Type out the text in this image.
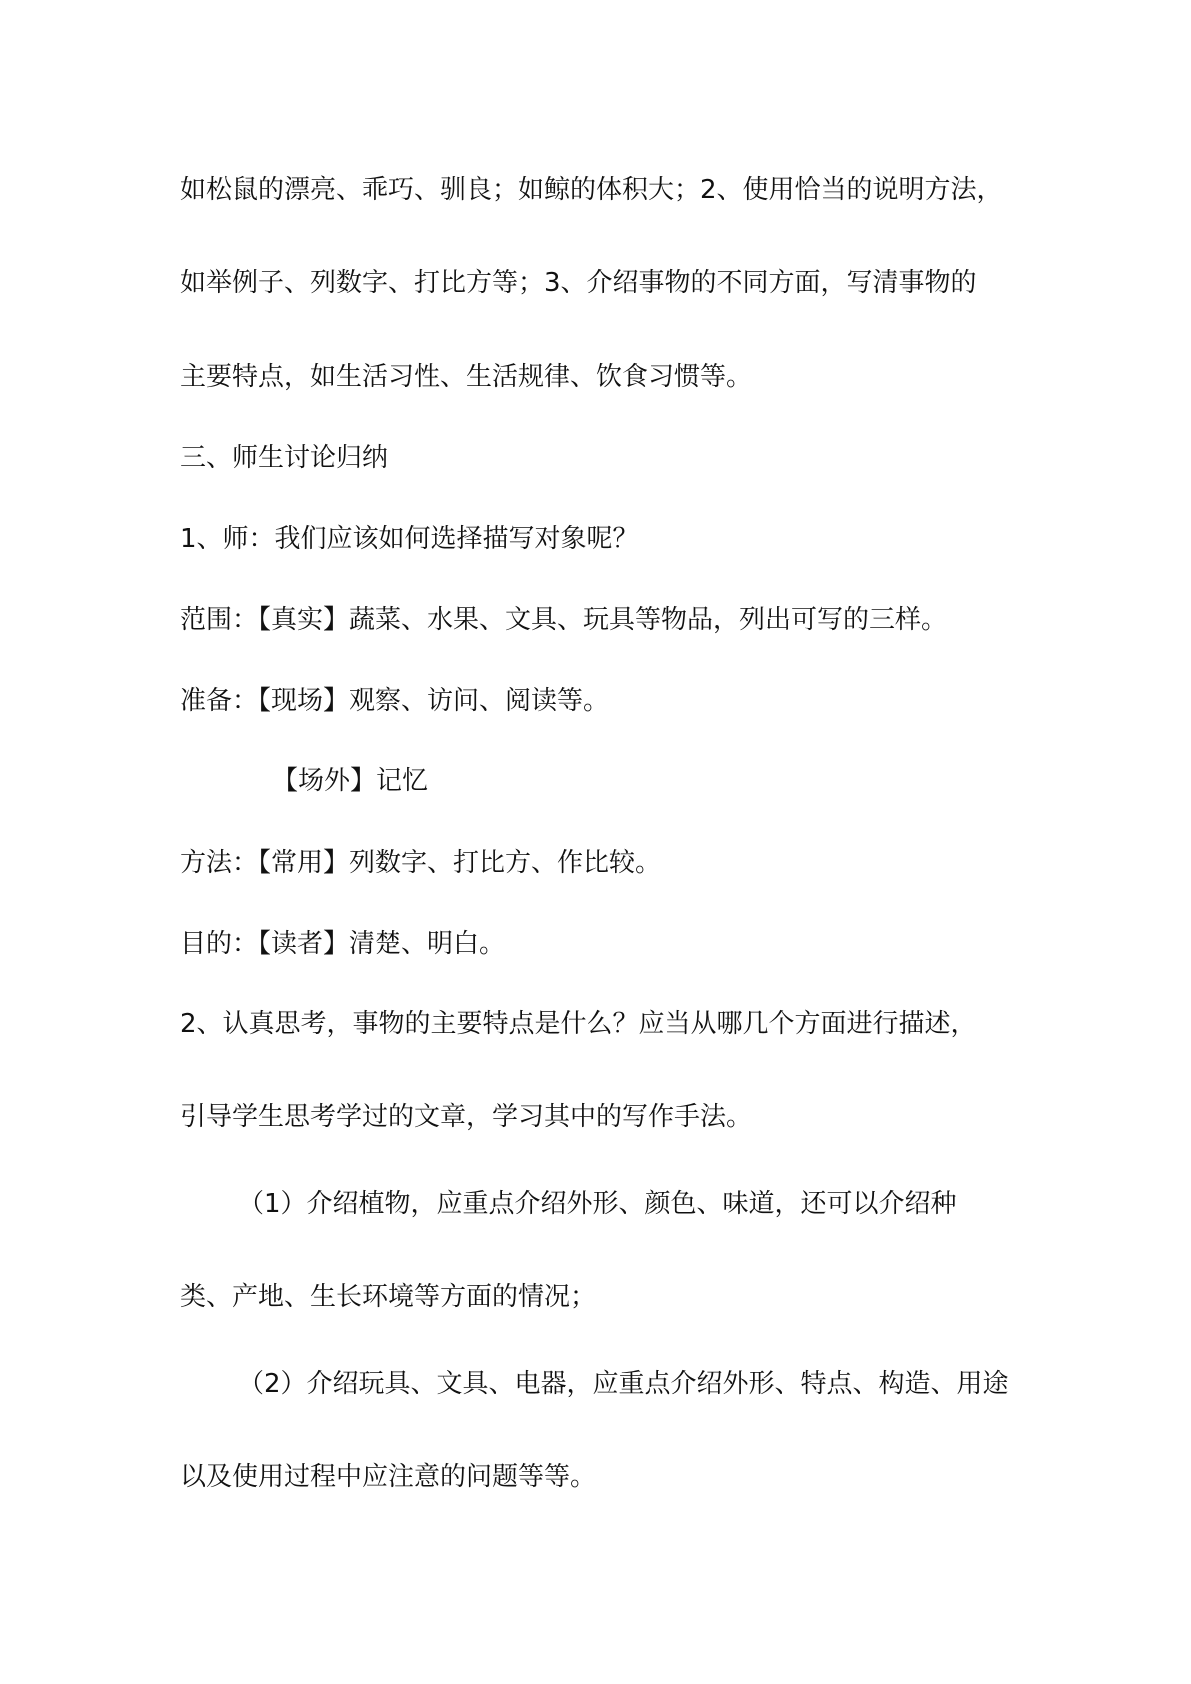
如松鼠的漂亮、乖巧、驯良；如鲸的体积大；2、使用恰当的说明方法，
如举例子、列数字、打比方等；3、介绍事物的不同方面，写清事物的
主要特点，如生活习性、生活规律、饮食习惯等。
三、师生讨论归纳
1、师：我们应该如何选择描写对象呢？
范围：【真实】蔬菜、水果、文具、玩具等物品，列出可写的三样。
准备：【现场】观察、访问、阅读等。
【场外】记忆
方法：【常用】列数字、打比方、作比较。
目的：【读者】清楚、明白。
2、认真思考，事物的主要特点是什么？应当从哪几个方面进行描述，
引导学生思考学过的文章，学习其中的写作手法。
（1）介绍植物，应重点介绍外形、颜色、味道，还可以介绍种
类、产地、生长环境等方面的情况；
（2）介绍玩具、文具、电器，应重点介绍外形、特点、构造、用途
以及使用过程中应注意的问题等等。
